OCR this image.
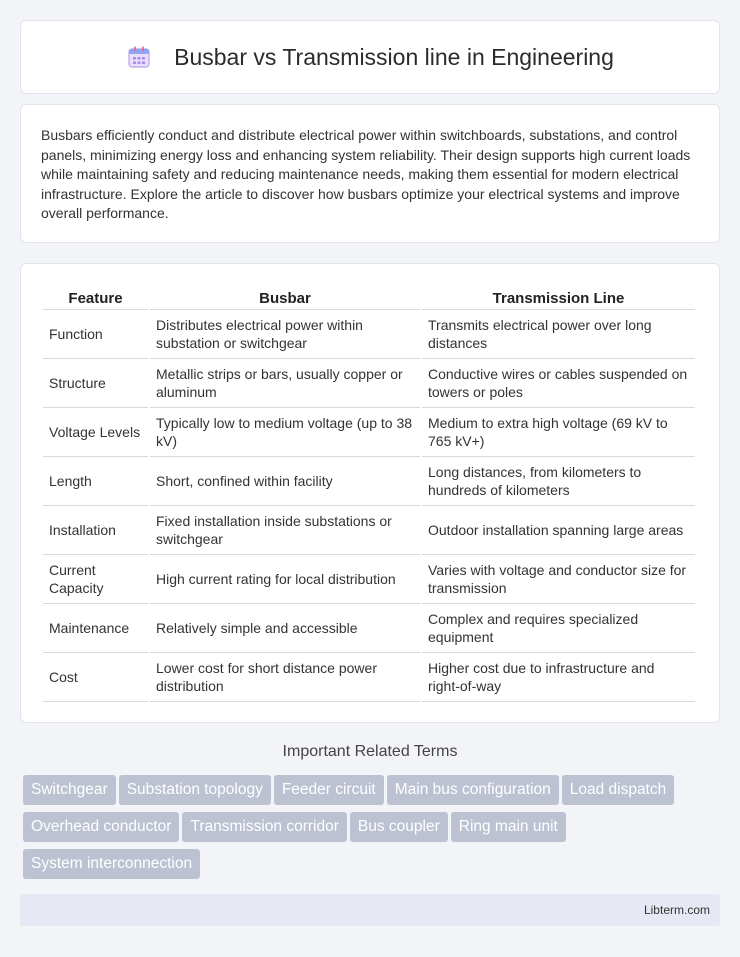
Busbar vs Transmission line in Engineering

Busbars efficiently conduct and distribute electrical power within switchboards, substations, and control panels, minimizing energy loss and enhancing system reliability. Their design supports high current loads while maintaining safety and reducing maintenance needs, making them essential for modern electrical infrastructure. Explore the article to discover how busbars optimize your electrical systems and improve overall performance.

Feature	Busbar	Transmission Line
Function	Distributes electrical power within substation or switchgear	Transmits electrical power over long distances
Structure	Metallic strips or bars, usually copper or aluminum	Conductive wires or cables suspended on towers or poles
Voltage Levels	Typically low to medium voltage (up to 38 kV)	Medium to extra high voltage (69 kV to 765 kV+)
Length	Short, confined within facility	Long distances, from kilometers to hundreds of kilometers
Installation	Fixed installation inside substations or switchgear	Outdoor installation spanning large areas
Current Capacity	High current rating for local distribution	Varies with voltage and conductor size for transmission
Maintenance	Relatively simple and accessible	Complex and requires specialized equipment
Cost	Lower cost for short distance power distribution	Higher cost due to infrastructure and right-of-way
Important Related Terms
Switchgear Substation topology Feeder circuit Main bus configuration Load dispatchOverhead conductor Transmission corridor Bus coupler Ring main unitSystem interconnection
Libterm.com
